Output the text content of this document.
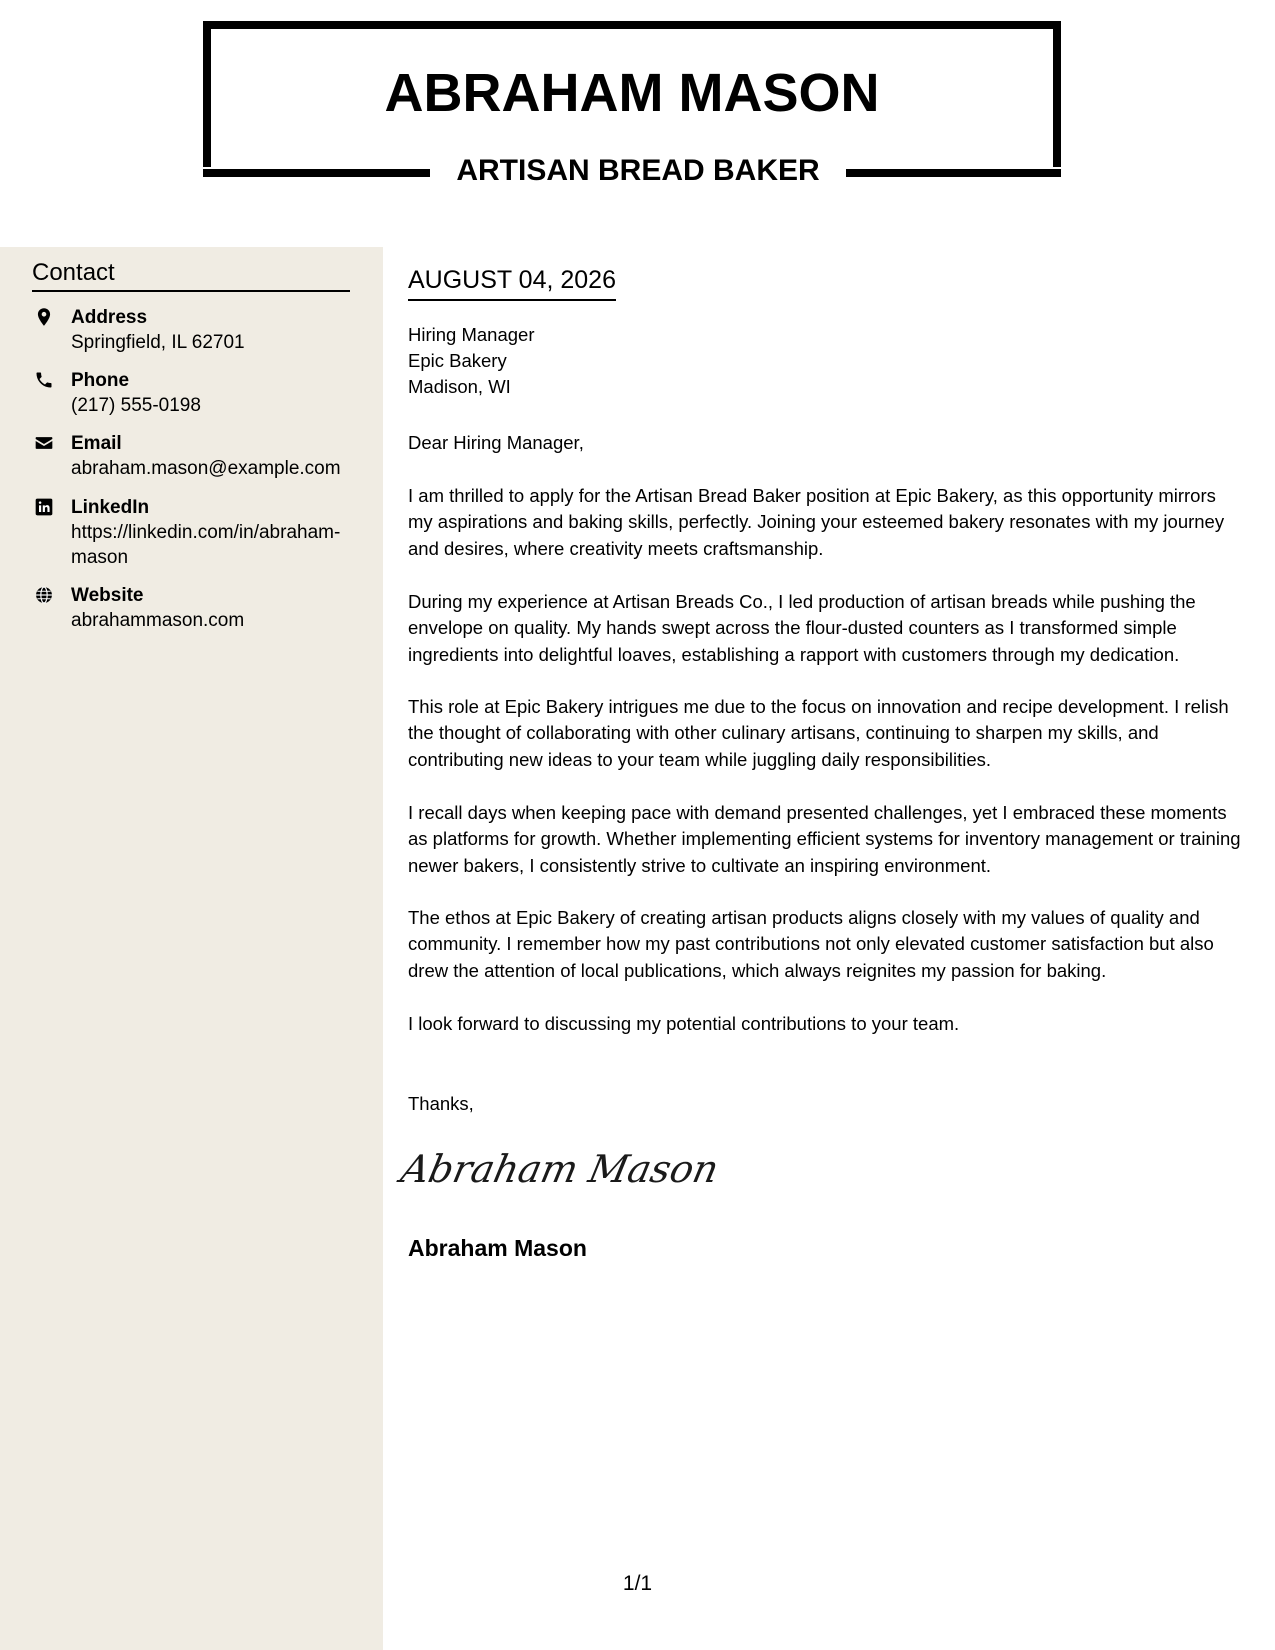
ABRAHAM MASON
ARTISAN BREAD BAKER
Contact
Address
Springfield, IL 62701
Phone
(217) 555-0198
Email
abraham.mason@example.com
LinkedIn
https://linkedin.com/in/abraham-mason
Website
abrahammason.com
AUGUST 04, 2026
Hiring Manager
Epic Bakery
Madison, WI
Dear Hiring Manager,
I am thrilled to apply for the Artisan Bread Baker position at Epic Bakery, as this opportunity mirrors my aspirations and baking skills, perfectly. Joining your esteemed bakery resonates with my journey and desires, where creativity meets craftsmanship.
During my experience at Artisan Breads Co., I led production of artisan breads while pushing the envelope on quality. My hands swept across the flour-dusted counters as I transformed simple ingredients into delightful loaves, establishing a rapport with customers through my dedication.
This role at Epic Bakery intrigues me due to the focus on innovation and recipe development. I relish the thought of collaborating with other culinary artisans, continuing to sharpen my skills, and contributing new ideas to your team while juggling daily responsibilities.
I recall days when keeping pace with demand presented challenges, yet I embraced these moments as platforms for growth. Whether implementing efficient systems for inventory management or training newer bakers, I consistently strive to cultivate an inspiring environment.
The ethos at Epic Bakery of creating artisan products aligns closely with my values of quality and community. I remember how my past contributions not only elevated customer satisfaction but also drew the attention of local publications, which always reignites my passion for baking.
I look forward to discussing my potential contributions to your team.
Thanks,
Abraham Mason
Abraham Mason
1/1
